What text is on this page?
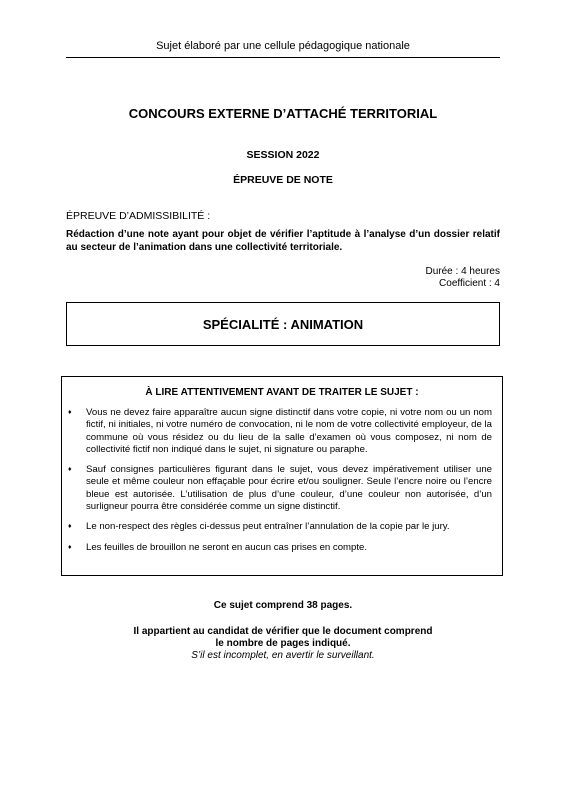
Sujet élaboré par une cellule pédagogique nationale
CONCOURS EXTERNE D’ATTACHÉ TERRITORIAL
SESSION 2022
ÉPREUVE DE NOTE
ÉPREUVE D’ADMISSIBILITÉ :
Rédaction d’une note ayant pour objet de vérifier l’aptitude à l’analyse d’un dossier relatif au secteur de l’animation dans une collectivité territoriale.
Durée : 4 heures
Coefficient : 4
SPÉCIALITÉ : ANIMATION
À LIRE ATTENTIVEMENT AVANT DE TRAITER LE SUJET :
♦ Vous ne devez faire apparaître aucun signe distinctif dans votre copie, ni votre nom ou un nom fictif, ni initiales, ni votre numéro de convocation, ni le nom de votre collectivité employeur, de la commune où vous résidez ou du lieu de la salle d’examen où vous composez, ni nom de collectivité fictif non indiqué dans le sujet, ni signature ou paraphe.
♦ Sauf consignes particulières figurant dans le sujet, vous devez impérativement utiliser une seule et même couleur non effaçable pour écrire et/ou souligner. Seule l’encre noire ou l’encre bleue est autorisée. L’utilisation de plus d’une couleur, d’une couleur non autorisée, d’un surligneur pourra être considérée comme un signe distinctif.
♦ Le non-respect des règles ci-dessus peut entraîner l’annulation de la copie par le jury.
♦ Les feuilles de brouillon ne seront en aucun cas prises en compte.
Ce sujet comprend 38 pages.
Il appartient au candidat de vérifier que le document comprend
le nombre de pages indiqué.
S’il est incomplet, en avertir le surveillant.
